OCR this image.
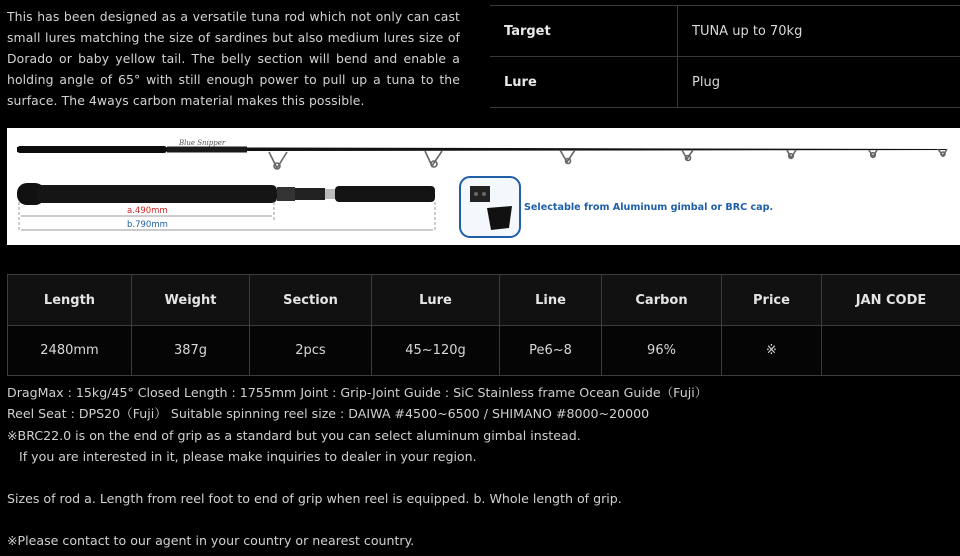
This has been designed as a versatile tuna rod which not only can cast small lures matching the size of sardines but also medium lures size of Dorado or baby yellow tail. The belly section will bend and enable a holding angle of 65° with still enough power to pull up a tuna to the surface. The 4ways carbon material makes this possible.
Target	TUNA up to 70kg
Lure	Plug
Blue Snipper
a.490mm
b.790mm
Selectable from Aluminum gimbal or BRC cap.
Length	Weight	Section	Lure	Line	Carbon	Price	JAN CODE
2480mm	387g	2pcs	45~120g	Pe6~8	96%	※	

DragMax : 15kg/45° Closed Length : 1755mm Joint : Grip-Joint Guide : SiC Stainless frame Ocean Guide（Fuji）

Reel Seat : DPS20（Fuji） Suitable spinning reel size : DAIWA #4500~6500 / SHIMANO #8000~20000

※BRC22.0 is on the end of grip as a standard but you can select aluminum gimbal instead.

If you are interested in it, please make inquiries to dealer in your region.

Sizes of rod a. Length from reel foot to end of grip when reel is equipped. b. Whole length of grip.

※Please contact to our agent in your country or nearest country.
